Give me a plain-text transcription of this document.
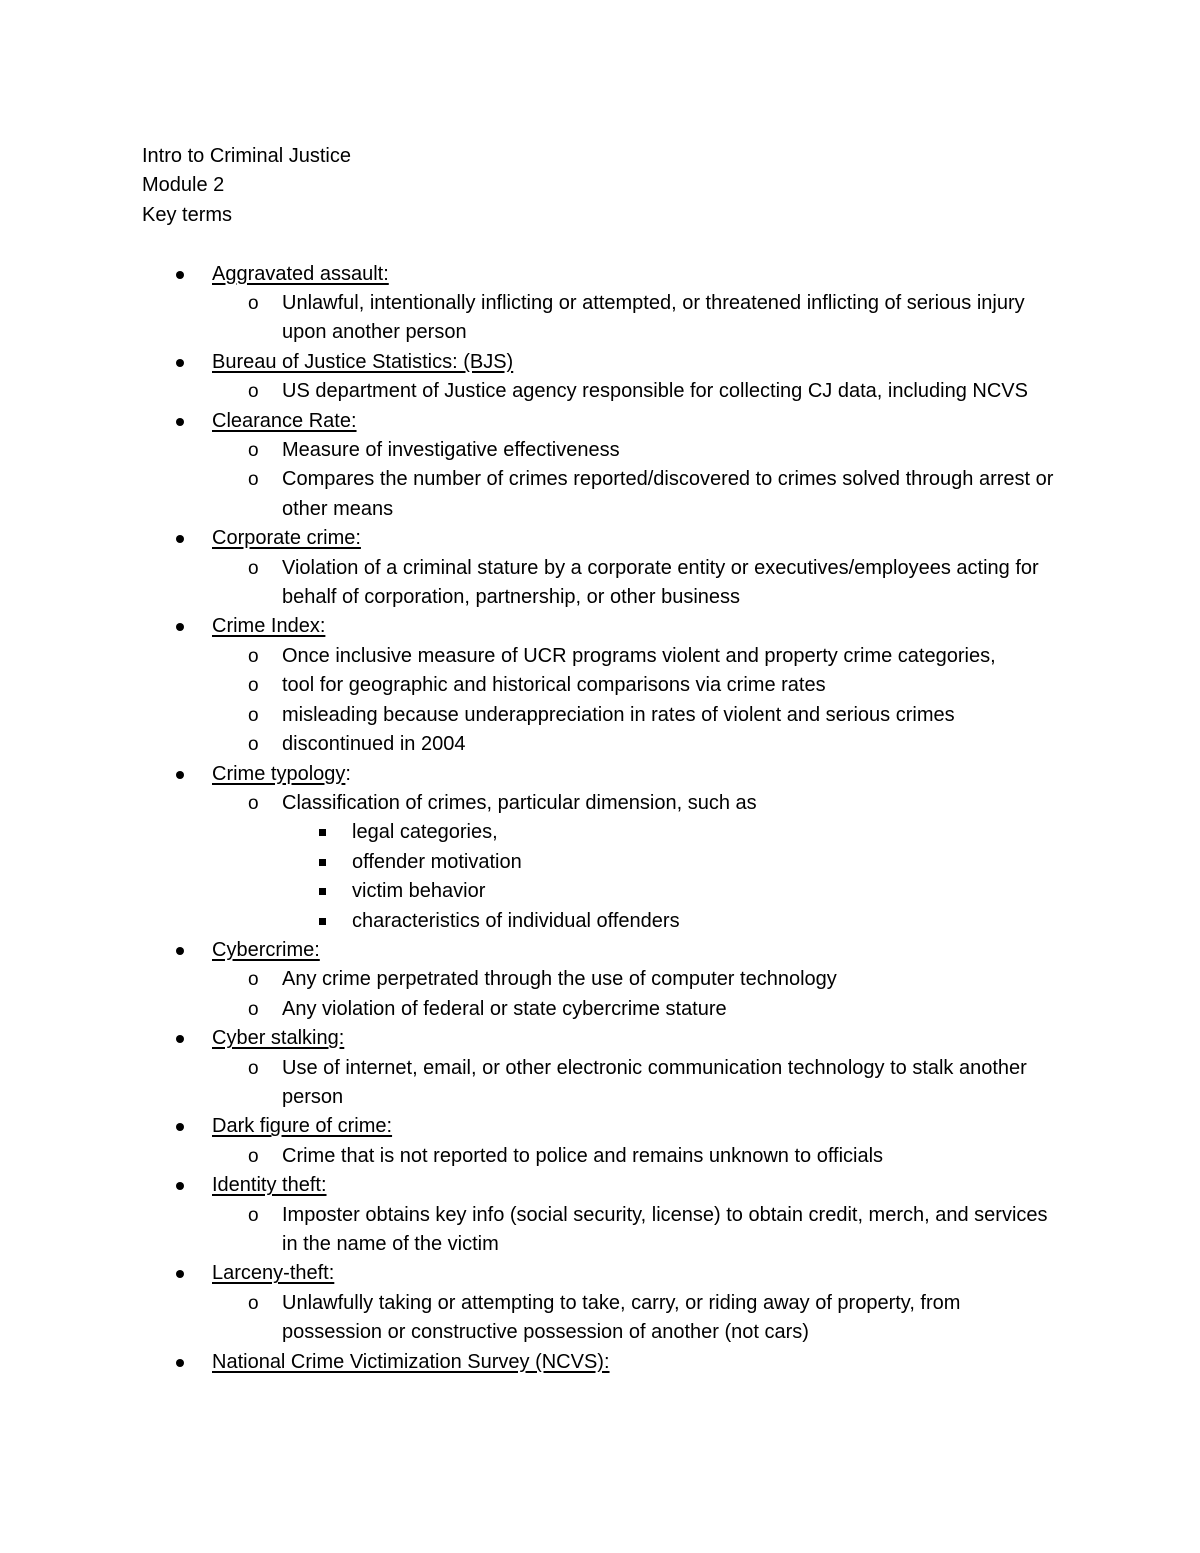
Intro to Criminal Justice

Module 2

Key terms

Aggravated assault:
o Unlawful, intentionally inflicting or attempted, or threatened inflicting of serious injury upon another person
Bureau of Justice Statistics: (BJS)
o US department of Justice agency responsible for collecting CJ data, including NCVS
Clearance Rate:
o Measure of investigative effectiveness
o Compares the number of crimes reported/discovered to crimes solved through arrest or other means
Corporate crime:
o Violation of a criminal stature by a corporate entity or executives/employees acting for behalf of corporation, partnership, or other business
Crime Index:
o Once inclusive measure of UCR programs violent and property crime categories,
o tool for geographic and historical comparisons via crime rates
o misleading because underappreciation in rates of violent and serious crimes
o discontinued in 2004
Crime typology:
o Classification of crimes, particular dimension, such as
legal categories,
offender motivation
victim behavior
characteristics of individual offenders
Cybercrime:
o Any crime perpetrated through the use of computer technology
o Any violation of federal or state cybercrime stature
Cyber stalking:
o Use of internet, email, or other electronic communication technology to stalk another person
Dark figure of crime:
o Crime that is not reported to police and remains unknown to officials
Identity theft:
o Imposter obtains key info (social security, license) to obtain credit, merch, and services in the name of the victim
Larceny-theft:
o Unlawfully taking or attempting to take, carry, or riding away of property, from possession or constructive possession of another (not cars)
National Crime Victimization Survey (NCVS):
